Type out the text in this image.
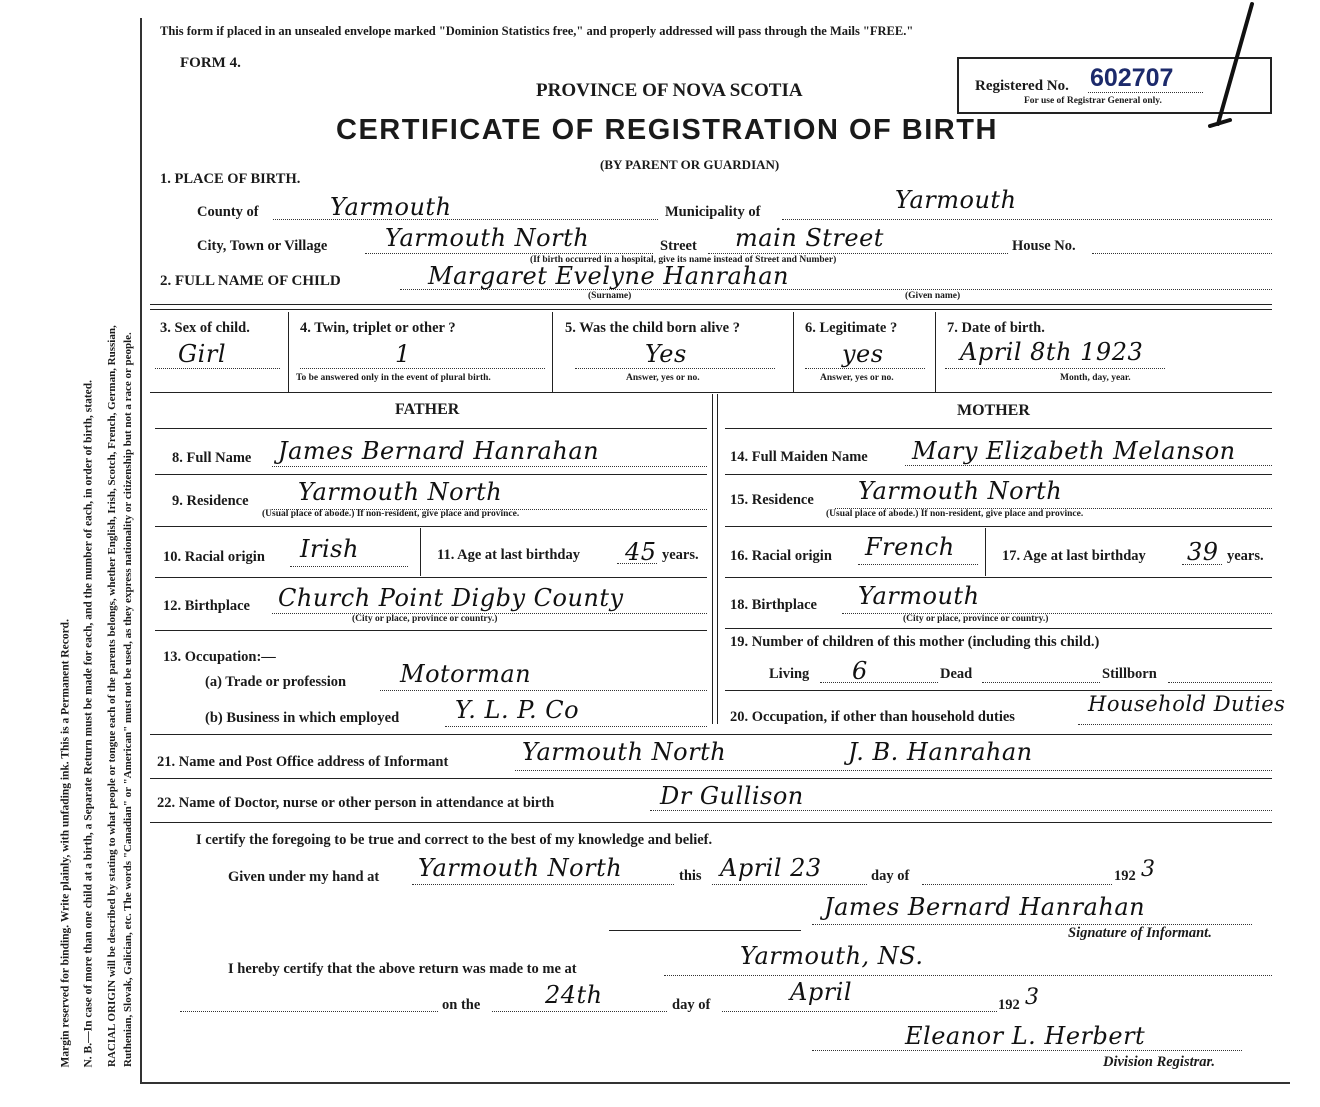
Margin reserved for binding. Write plainly, with unfading ink. This is a Permanent Record. N. B.—In case of more than one child at a birth, a Separate Return must be made for each, and the number of each, in order of birth, stated. RACIAL ORIGIN will be described by stating to what people or tongue each of the parents belongs, whether English, Irish, Scotch, French, German, Russian, Ruthenian, Slovak, Galician, etc. The words "Canadian" or "American" must not be used, as they express nationality or citizenship but not a race or people.
This form if placed in an unsealed envelope marked "Dominion Statistics free," and properly addressed will pass through the Mails "FREE."
FORM 4.
PROVINCE OF NOVA SCOTIA
CERTIFICATE OF REGISTRATION OF BIRTH
(BY PARENT OR GUARDIAN)
Registered No. 602707
For use of Registrar General only.
1. PLACE OF BIRTH.
County of	Yarmouth	Municipality of	Yarmouth
City, Town or Village Yarmouth North	Street main Street	House No.
(If birth occurred in a hospital, give its name instead of Street and Number)
2. FULL NAME OF CHILD	Margaret Evelyne Hanrahan
(Surname)	(Given name)
3. Sex of child.
Girl
4. Twin, triplet or other ?
1
To be answered only in the event of plural birth.
5. Was the child born alive ?
Yes
Answer, yes or no.
6. Legitimate ?
yes
Answer, yes or no.
7. Date of birth.
April 8th 1923
Month, day, year.
FATHER	MOTHER
8. Full Name James Bernard Hanrahan
9. Residence Yarmouth North
(Usual place of abode.) If non-resident, give place and province.
10. Racial origin Irish	11. Age at last birthday 45 years.
12. Birthplace Church Point Digby County
(City or place, province or country.)
13. Occupation:—
(a) Trade or profession Motorman
(b) Business in which employed Y. L. P. Co
14. Full Maiden Name Mary Elizabeth Melanson
15. Residence Yarmouth North
(Usual place of abode.) If non-resident, give place and province.
16. Racial origin French	17. Age at last birthday 39 years.
18. Birthplace Yarmouth
(City or place, province or country.)
19. Number of children of this mother (including this child.)
Living 6	Dead	Stillborn
20. Occupation, if other than household duties
Household Duties
21. Name and Post Office address of Informant	Yarmouth North	J. B. Hanrahan
22. Name of Doctor, nurse or other person in attendance at birth	Dr Gullison
I certify the foregoing to be true and correct to the best of my knowledge and belief.
Given under my hand at Yarmouth North	this April 23	day of	192 3
James Bernard Hanrahan
Signature of Informant.
I hereby certify that the above return was made to me at	Yarmouth, NS.
on the	24th	day of	April	192 3
Eleanor L. Herbert
Division Registrar.
